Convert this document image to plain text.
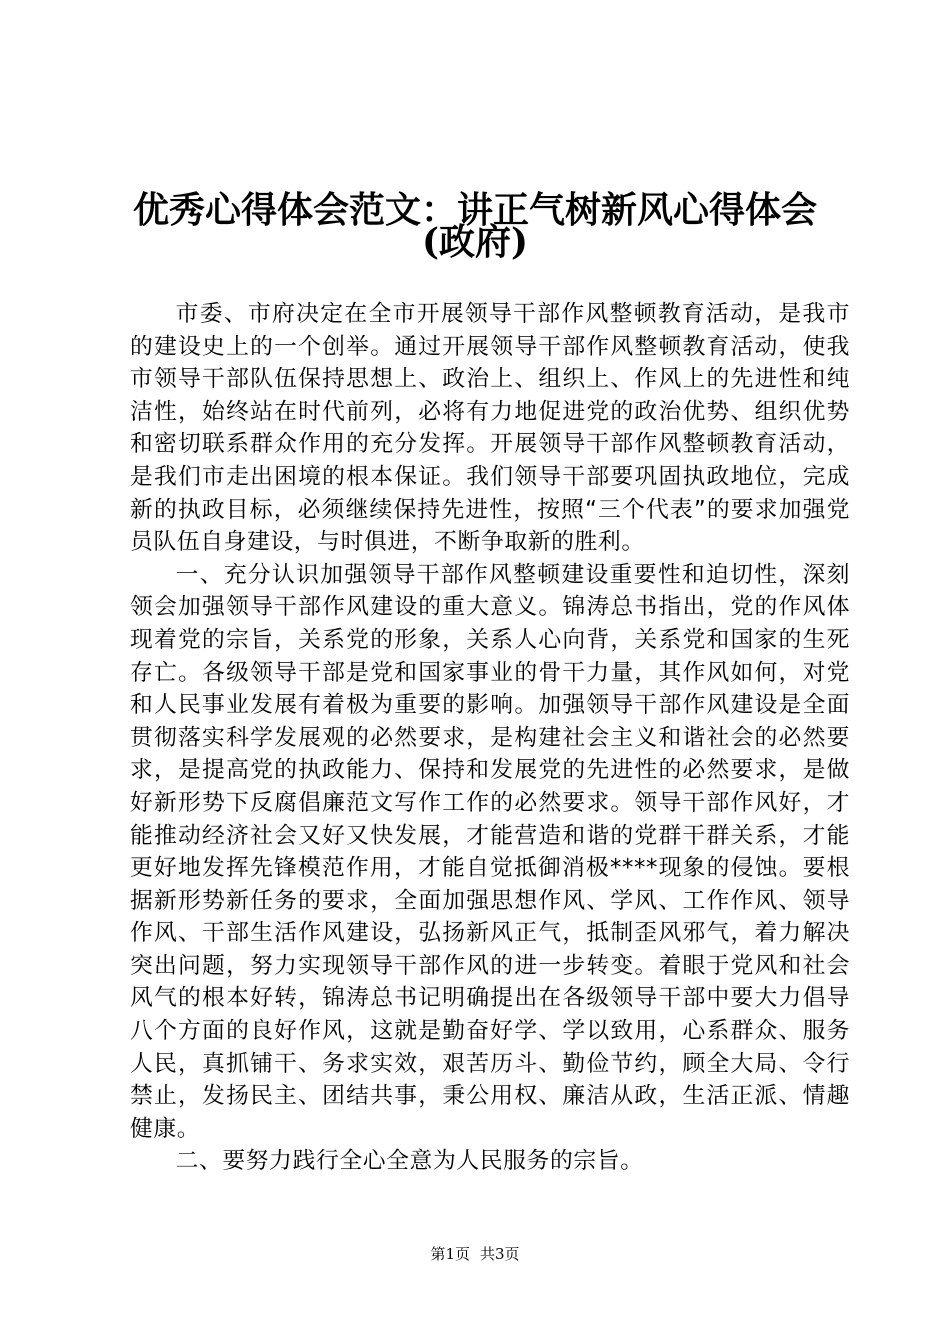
优秀心得体会范文：讲正气树新风心得体会
(政府)

市委、市府决定在全市开展领导干部作风整顿教育活动，是我市的建设史上的一个创举。通过开展领导干部作风整顿教育活动，使我市领导干部队伍保持思想上、政治上、组织上、作风上的先进性和纯洁性，始终站在时代前列，必将有力地促进党的政治优势、组织优势和密切联系群众作用的充分发挥。开展领导干部作风整顿教育活动，是我们市走出困境的根本保证。我们领导干部要巩固执政地位，完成新的执政目标，必须继续保持先进性，按照“三个代表”的要求加强党员队伍自身建设，与时俱进，不断争取新的胜利。

一、充分认识加强领导干部作风整顿建设重要性和迫切性，深刻领会加强领导干部作风建设的重大意义。锦涛总书指出，党的作风体现着党的宗旨，关系党的形象，关系人心向背，关系党和国家的生死存亡。各级领导干部是党和国家事业的骨干力量，其作风如何，对党和人民事业发展有着极为重要的影响。加强领导干部作风建设是全面贯彻落实科学发展观的必然要求，是构建社会主义和谐社会的必然要求，是提高党的执政能力、保持和发展党的先进性的必然要求，是做好新形势下反腐倡廉范文写作工作的必然要求。领导干部作风好，才能推动经济社会又好又快发展，才能营造和谐的党群干群关系，才能更好地发挥先锋模范作用，才能自觉抵御消极****现象的侵蚀。要根据新形势新任务的要求，全面加强思想作风、学风、工作作风、领导作风、干部生活作风建设，弘扬新风正气，抵制歪风邪气，着力解决突出问题，努力实现领导干部作风的进一步转变。着眼于党风和社会风气的根本好转，锦涛总书记明确提出在各级领导干部中要大力倡导八个方面的良好作风，这就是勤奋好学、学以致用，心系群众、服务人民，真抓铺干、务求实效，艰苦历斗、勤俭节约，顾全大局、令行禁止，发扬民主、团结共事，秉公用权、廉洁从政，生活正派、情趣健康。

二、要努力践行全心全意为人民服务的宗旨。

第1页 共3页
